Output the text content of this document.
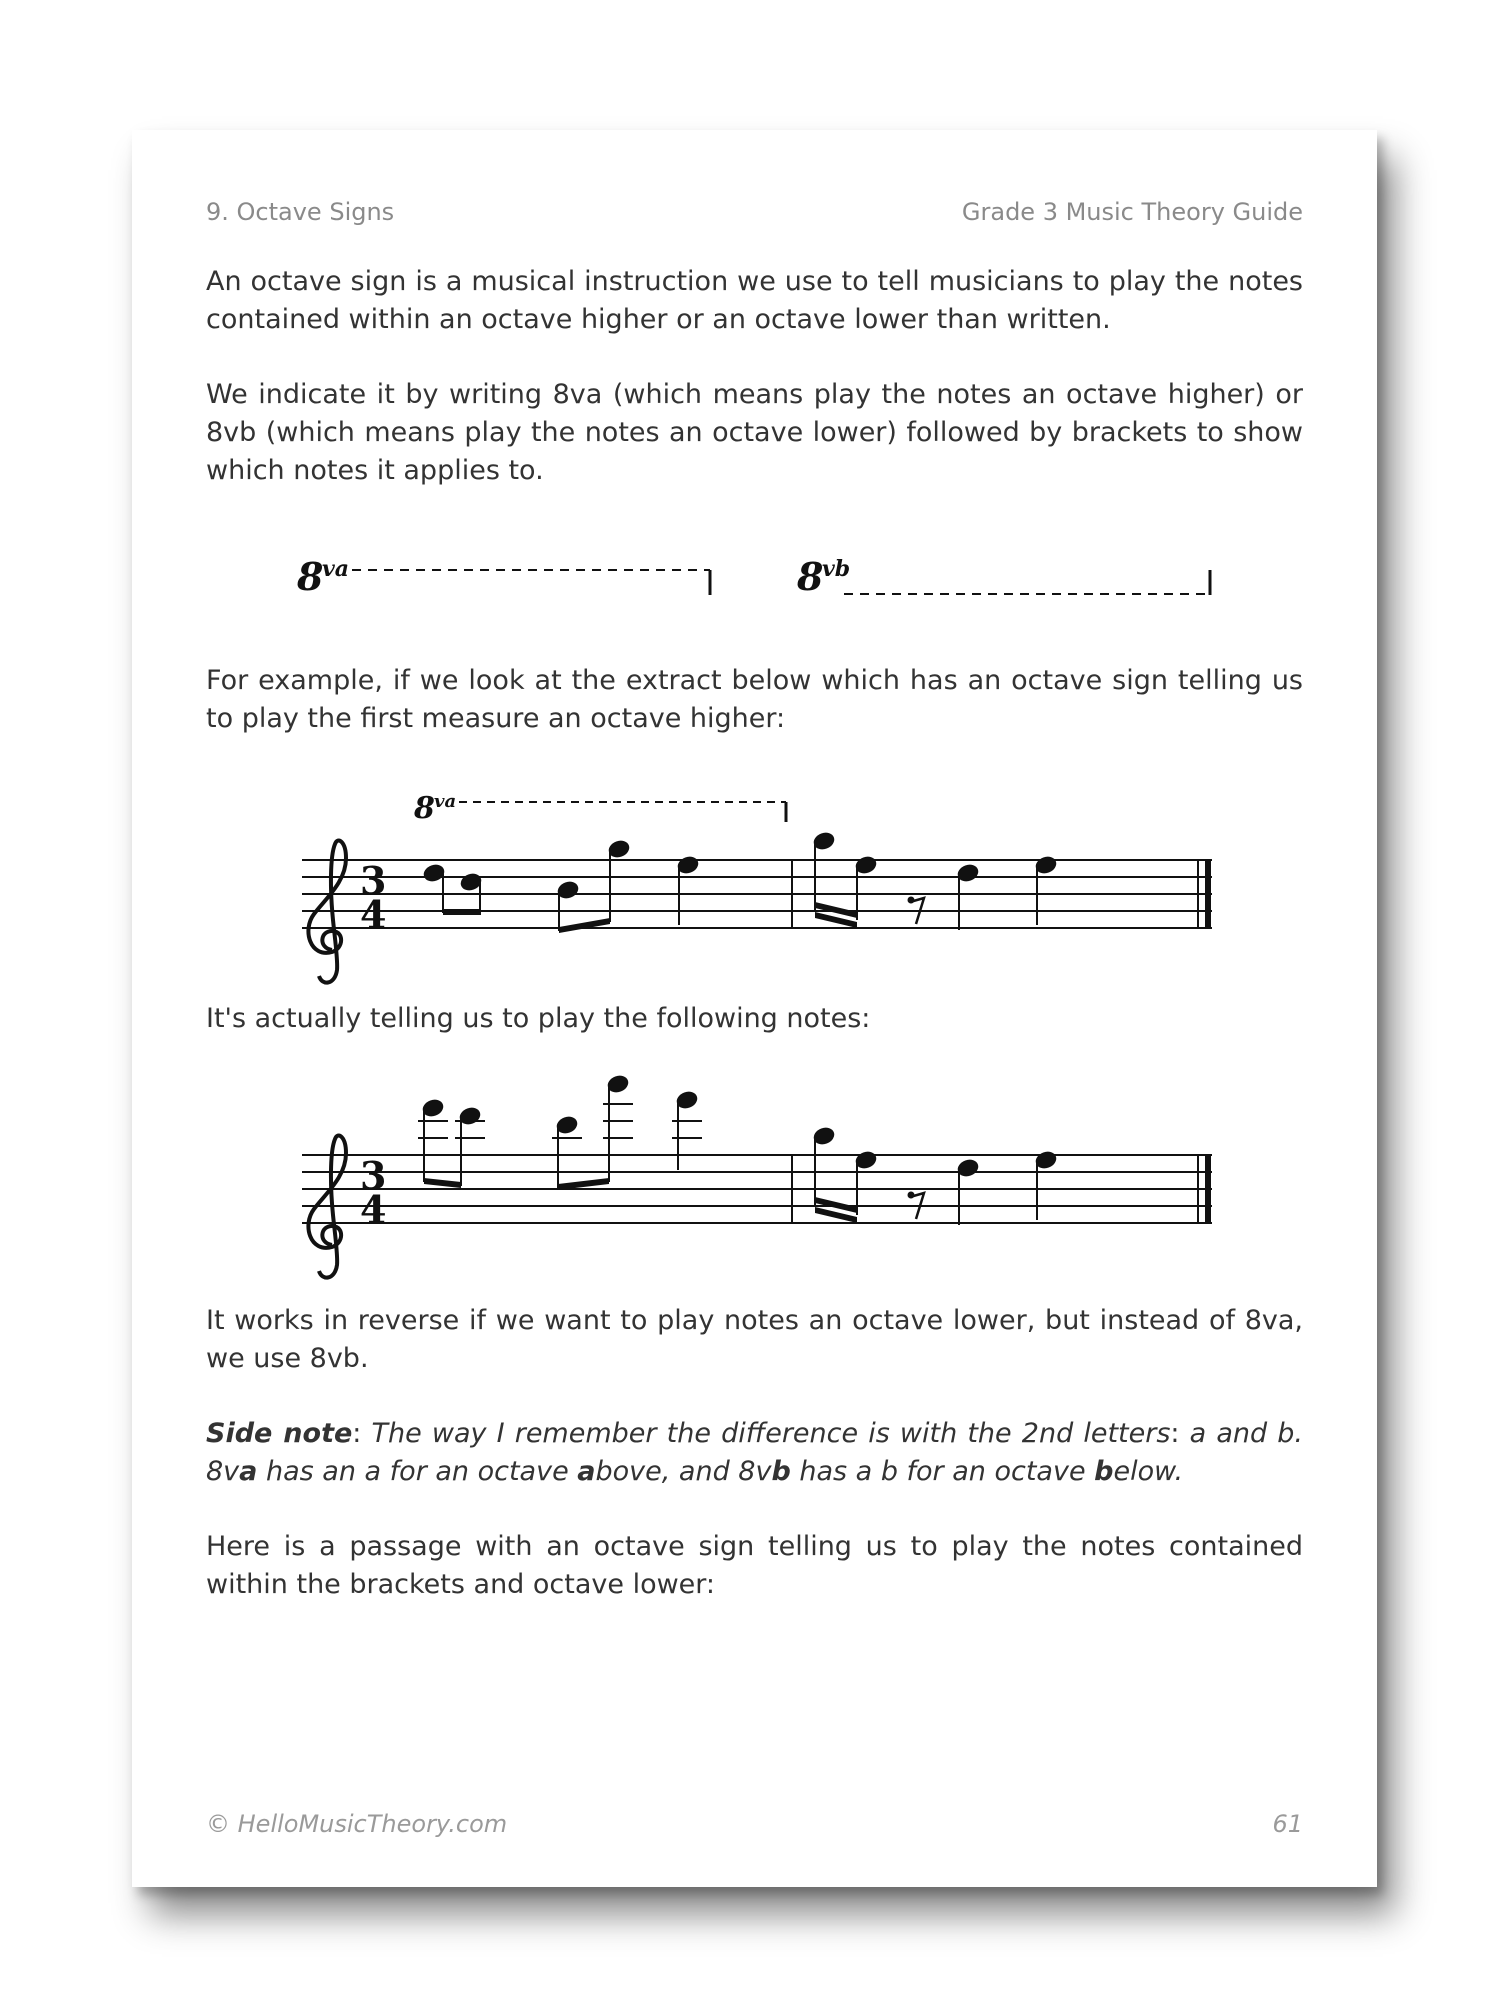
9. Octave Signs	Grade 3 Music Theory Guide

An octave sign is a musical instruction we use to tell musicians to play the notes contained within an octave higher or an octave lower than written.

We indicate it by writing 8va (which means play the notes an octave higher) or 8vb (which means play the notes an octave lower) followed by brackets to show which notes it applies to.

8
va	8
vb

For example, if we look at the extract below which has an octave sign telling us to play the first measure an octave higher:

8 va
3
4

It's actually telling us to play the following notes:

3
4

It works in reverse if we want to play notes an octave lower, but instead of 8va, we use 8vb.

Side note: The way I remember the difference is with the 2nd letters: a and b. 8va has an a for an octave above, and 8vb has a b for an octave below.

Here is a passage with an octave sign telling us to play the notes contained within the brackets and octave lower:

© HelloMusicTheory.com	61
